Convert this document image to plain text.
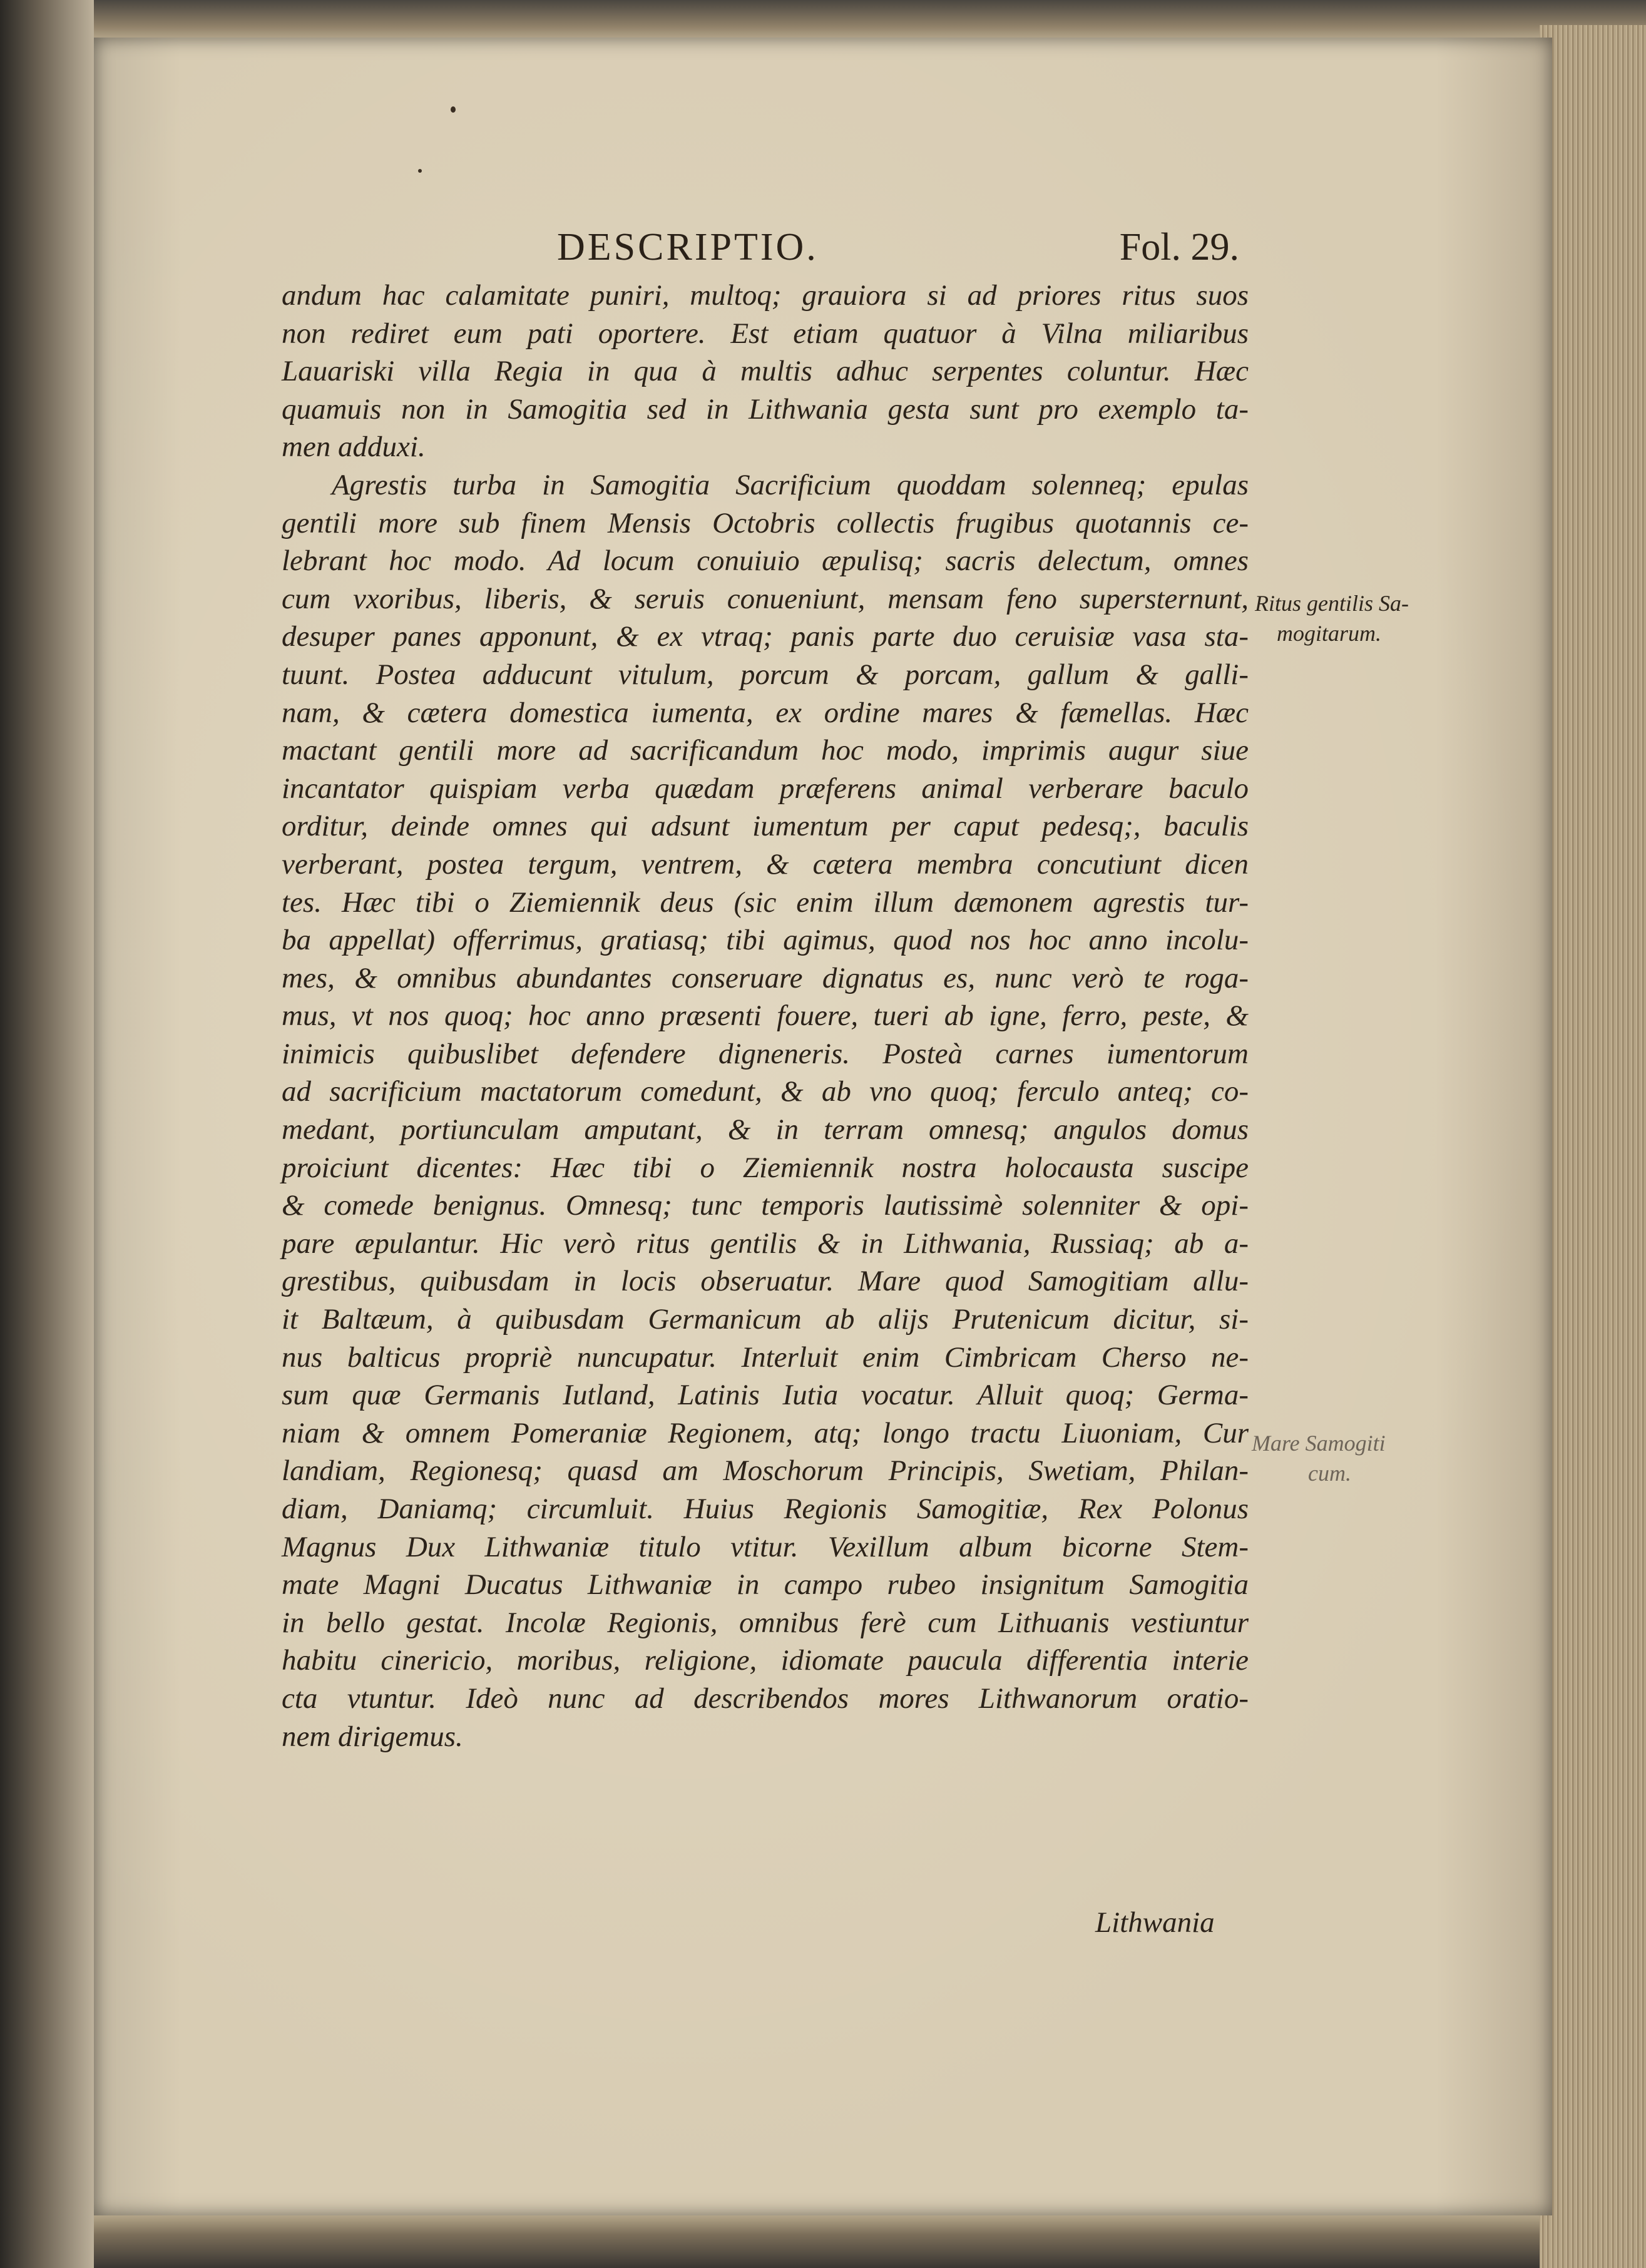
DESCRIPTIO.	Fol. 29.
andum hac calamitate puniri, multoq; grauiora si ad priores ritus suos
non rediret eum pati oportere. Est etiam quatuor à Vilna miliaribus
Lauariski villa Regia in qua à multis adhuc serpentes coluntur. Hæc
quamuis non in Samogitia sed in Lithwania gesta sunt pro exemplo ta-
men adduxi.
Agrestis turba in Samogitia Sacrificium quoddam solenneq; epulas
gentili more sub finem Mensis Octobris collectis frugibus quotannis ce-
lebrant hoc modo. Ad locum conuiuio æpulisq; sacris delectum, omnes
cum vxoribus, liberis, & seruis conueniunt, mensam feno supersternunt,
desuper panes apponunt, & ex vtraq; panis parte duo ceruisiæ vasa sta-
tuunt. Postea adducunt vitulum, porcum & porcam, gallum & galli-
nam, & cætera domestica iumenta, ex ordine mares & fæmellas. Hæc
mactant gentili more ad sacrificandum hoc modo, imprimis augur siue
incantator quispiam verba quædam præferens animal verberare baculo
orditur, deinde omnes qui adsunt iumentum per caput pedesq;, baculis
verberant, postea tergum, ventrem, & cætera membra concutiunt dicen
tes. Hæc tibi o Ziemiennik deus (sic enim illum dæmonem agrestis tur-
ba appellat) offerrimus, gratiasq; tibi agimus, quod nos hoc anno incolu-
mes, & omnibus abundantes conseruare dignatus es, nunc verò te roga-
mus, vt nos quoq; hoc anno præsenti fouere, tueri ab igne, ferro, peste, &
inimicis quibuslibet defendere digneneris. Posteà carnes iumentorum
ad sacrificium mactatorum comedunt, & ab vno quoq; ferculo anteq; co-
medant, portiunculam amputant, & in terram omnesq; angulos domus
proiciunt dicentes: Hæc tibi o Ziemiennik nostra holocausta suscipe
& comede benignus. Omnesq; tunc temporis lautissimè solenniter & opi-
pare æpulantur. Hic verò ritus gentilis & in Lithwania, Russiaq; ab a-
grestibus, quibusdam in locis obseruatur. Mare quod Samogitiam allu-
it Baltæum, à quibusdam Germanicum ab alijs Prutenicum dicitur, si-
nus balticus propriè nuncupatur. Interluit enim Cimbricam Cherso ne-
sum quæ Germanis Iutland, Latinis Iutia vocatur. Alluit quoq; Germa-
niam & omnem Pomeraniæ Regionem, atq; longo tractu Liuoniam, Cur
landiam, Regionesq; quasd am Moschorum Principis, Swetiam, Philan-
diam, Daniamq; circumluit. Huius Regionis Samogitiæ, Rex Polonus
Magnus Dux Lithwaniæ titulo vtitur. Vexillum album bicorne Stem-
mate Magni Ducatus Lithwaniæ in campo rubeo insignitum Samogitia
in bello gestat. Incolæ Regionis, omnibus ferè cum Lithuanis vestiuntur
habitu cinericio, moribus, religione, idiomate paucula differentia interie
cta vtuntur. Ideò nunc ad describendos mores Lithwanorum oratio-
nem dirigemus.
Ritus gentilis Sa-
mogitarum.
Mare Samogiti
cum.
Lithwania
